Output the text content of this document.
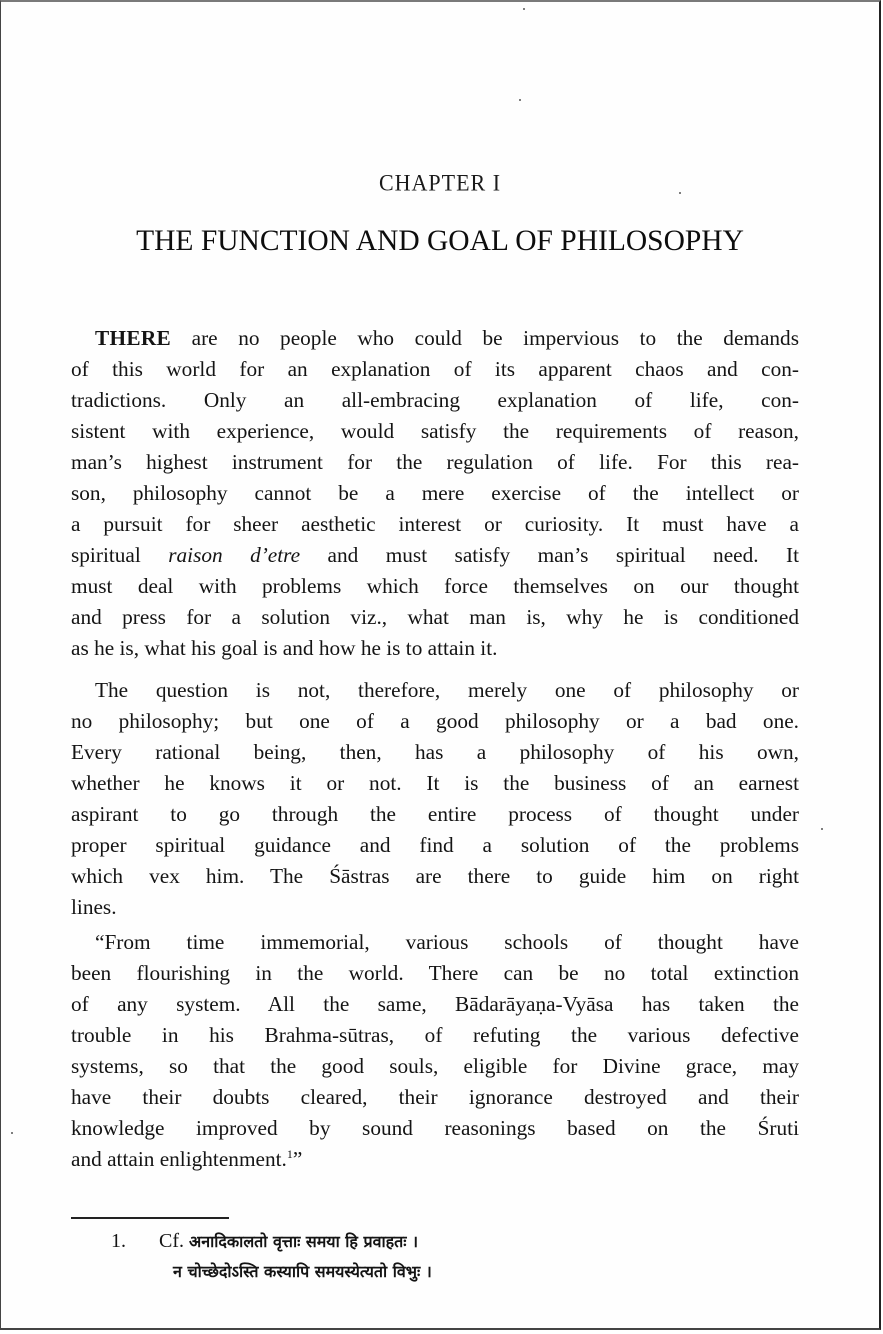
CHAPTER I
THE FUNCTION AND GOAL OF PHILOSOPHY
THERE are no people who could be impervious to the demands
of this world for an explanation of its apparent chaos and con-
tradictions. Only an all-embracing explanation of life, con-
sistent with experience, would satisfy the requirements of reason,
man’s highest instrument for the regulation of life. For this rea-
son, philosophy cannot be a mere exercise of the intellect or
a pursuit for sheer aesthetic interest or curiosity. It must have a
spiritual raison d’etre and must satisfy man’s spiritual need. It
must deal with problems which force themselves on our thought
and press for a solution viz., what man is, why he is conditioned
as he is, what his goal is and how he is to attain it.
The question is not, therefore, merely one of philosophy or
no philosophy; but one of a good philosophy or a bad one.
Every rational being, then, has a philosophy of his own,
whether he knows it or not. It is the business of an earnest
aspirant to go through the entire process of thought under
proper spiritual guidance and find a solution of the problems
which vex him. The Śāstras are there to guide him on right
lines.
“From time immemorial, various schools of thought have
been flourishing in the world. There can be no total extinction
of any system. All the same, Bādarāyaṇa-Vyāsa has taken the
trouble in his Brahma-sūtras, of refuting the various defective
systems, so that the good souls, eligible for Divine grace, may
have their doubts cleared, their ignorance destroyed and their
knowledge improved by sound reasonings based on the Śruti
and attain enlightenment.$^1$”
1. Cf. अनादिकालतो वृत्ताः समया हि प्रवाहतः ।
न चोच्छेदोऽस्ति कस्यापि समयस्येत्यतो विभुः ।
